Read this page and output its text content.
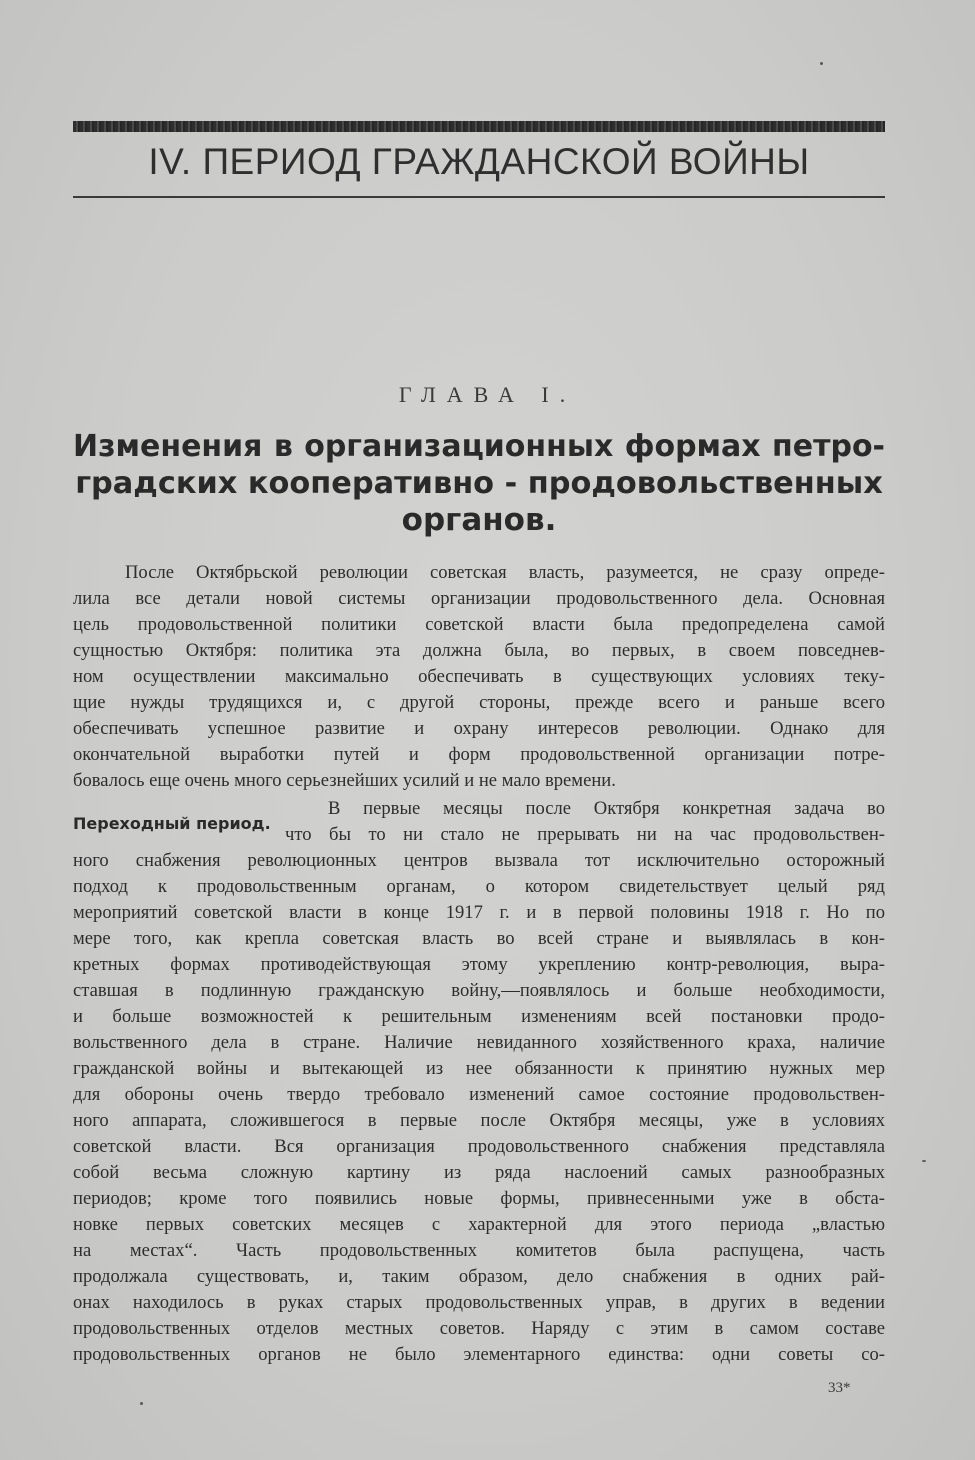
IV. ПЕРИОД ГРАЖДАНСКОЙ ВОЙНЫ
ГЛАВА I.
Изменения в организационных формах петро-
градских кооперативно - продовольственных
органов.
После Октябрьской революции советская власть, разумеется, не сразу опреде-
лила все детали новой системы организации продовольственного дела. Основная
цель продовольственной политики советской власти была предопределена самой
сущностью Октября: политика эта должна была, во первых, в своем повседнев-
ном осуществлении максимально обеспечивать в существующих условиях теку-
щие нужды трудящихся и, с другой стороны, прежде всего и раньше всего
обеспечивать успешное развитие и охрану интересов революции. Однако для
окончательной выработки путей и форм продовольственной организации потре-
бовалось еще очень много серьезнейших усилий и не мало времени.
Переходный период.
В первые месяцы после Октября конкретная задача во
что бы то ни стало не прерывать ни на час продовольствен-
ного снабжения революционных центров вызвала тот исключительно осторожный
подход к продовольственным органам, о котором свидетельствует целый ряд
мероприятий советской власти в конце 1917 г. и в первой половины 1918 г. Но по
мере того, как крепла советская власть во всей стране и выявлялась в кон-
кретных формах противодействующая этому укреплению контр-революция, выра-
ставшая в подлинную гражданскую войну,—появлялось и больше необходимости,
и больше возможностей к решительным изменениям всей постановки продо-
вольственного дела в стране. Наличие невиданного хозяйственного краха, наличие
гражданской войны и вытекающей из нее обязанности к принятию нужных мер
для обороны очень твердо требовало изменений самое состояние продовольствен-
ного аппарата, сложившегося в первые после Октября месяцы, уже в условиях
советской власти. Вся организация продовольственного снабжения представляла
собой весьма сложную картину из ряда наслоений самых разнообразных
периодов; кроме того появились новые формы, привнесенными уже в обста-
новке первых советских месяцев с характерной для этого периода „властью
на местах“. Часть продовольственных комитетов была распущена, часть
продолжала существовать, и, таким образом, дело снабжения в одних рай-
онах находилось в руках старых продовольственных управ, в других в ведении
продовольственных отделов местных советов. Наряду с этим в самом составе
продовольственных органов не было элементарного единства: одни советы со-
33*
